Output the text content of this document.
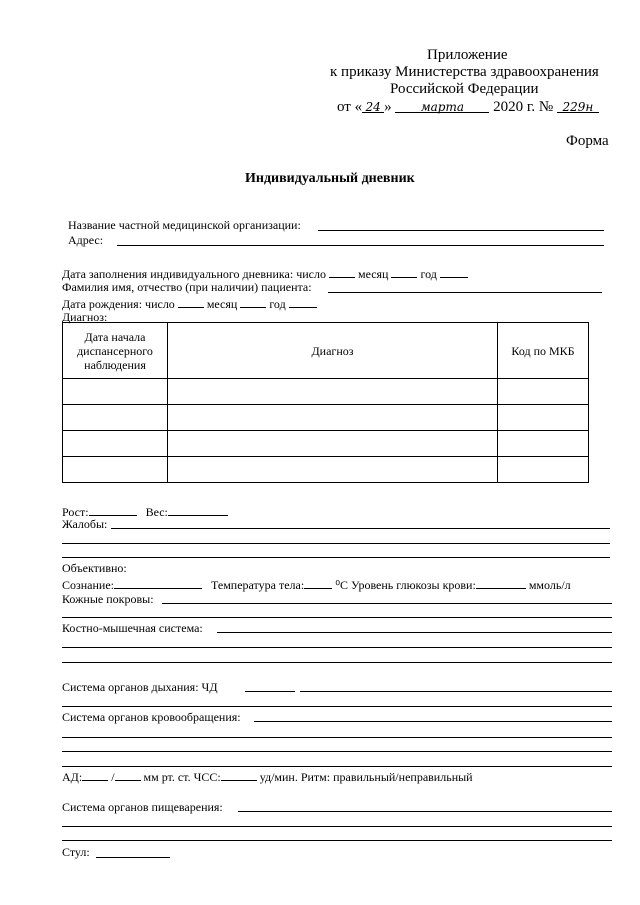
Приложение
к приказу Министерства здравоохранения
Российской Федерации
от « 24 » марта 2020 г. № 229н
Форма
Индивидуальный дневник
Название частной медицинской организации:
Адрес:
Дата заполнения индивидуального дневника: число	месяц	год
Фамилия имя, отчество (при наличии) пациента:
Дата рождения: число	месяц	год
Диагноз:
Дата начала диспансерного наблюдения	Диагноз	Код по МКБ

Рост:	Вес:
Жалобы:
Объективно:
Сознание:	Температура тела:	⁰С Уровень глюкозы крови:	ммоль/л
Кожные покровы:
Костно-мышечная система:
Система органов дыхания: ЧД
Система органов кровообращения:
АД: / мм рт. ст. ЧСС:	уд/мин. Ритм: правильный/неправильный
Система органов пищеварения:
Стул:
